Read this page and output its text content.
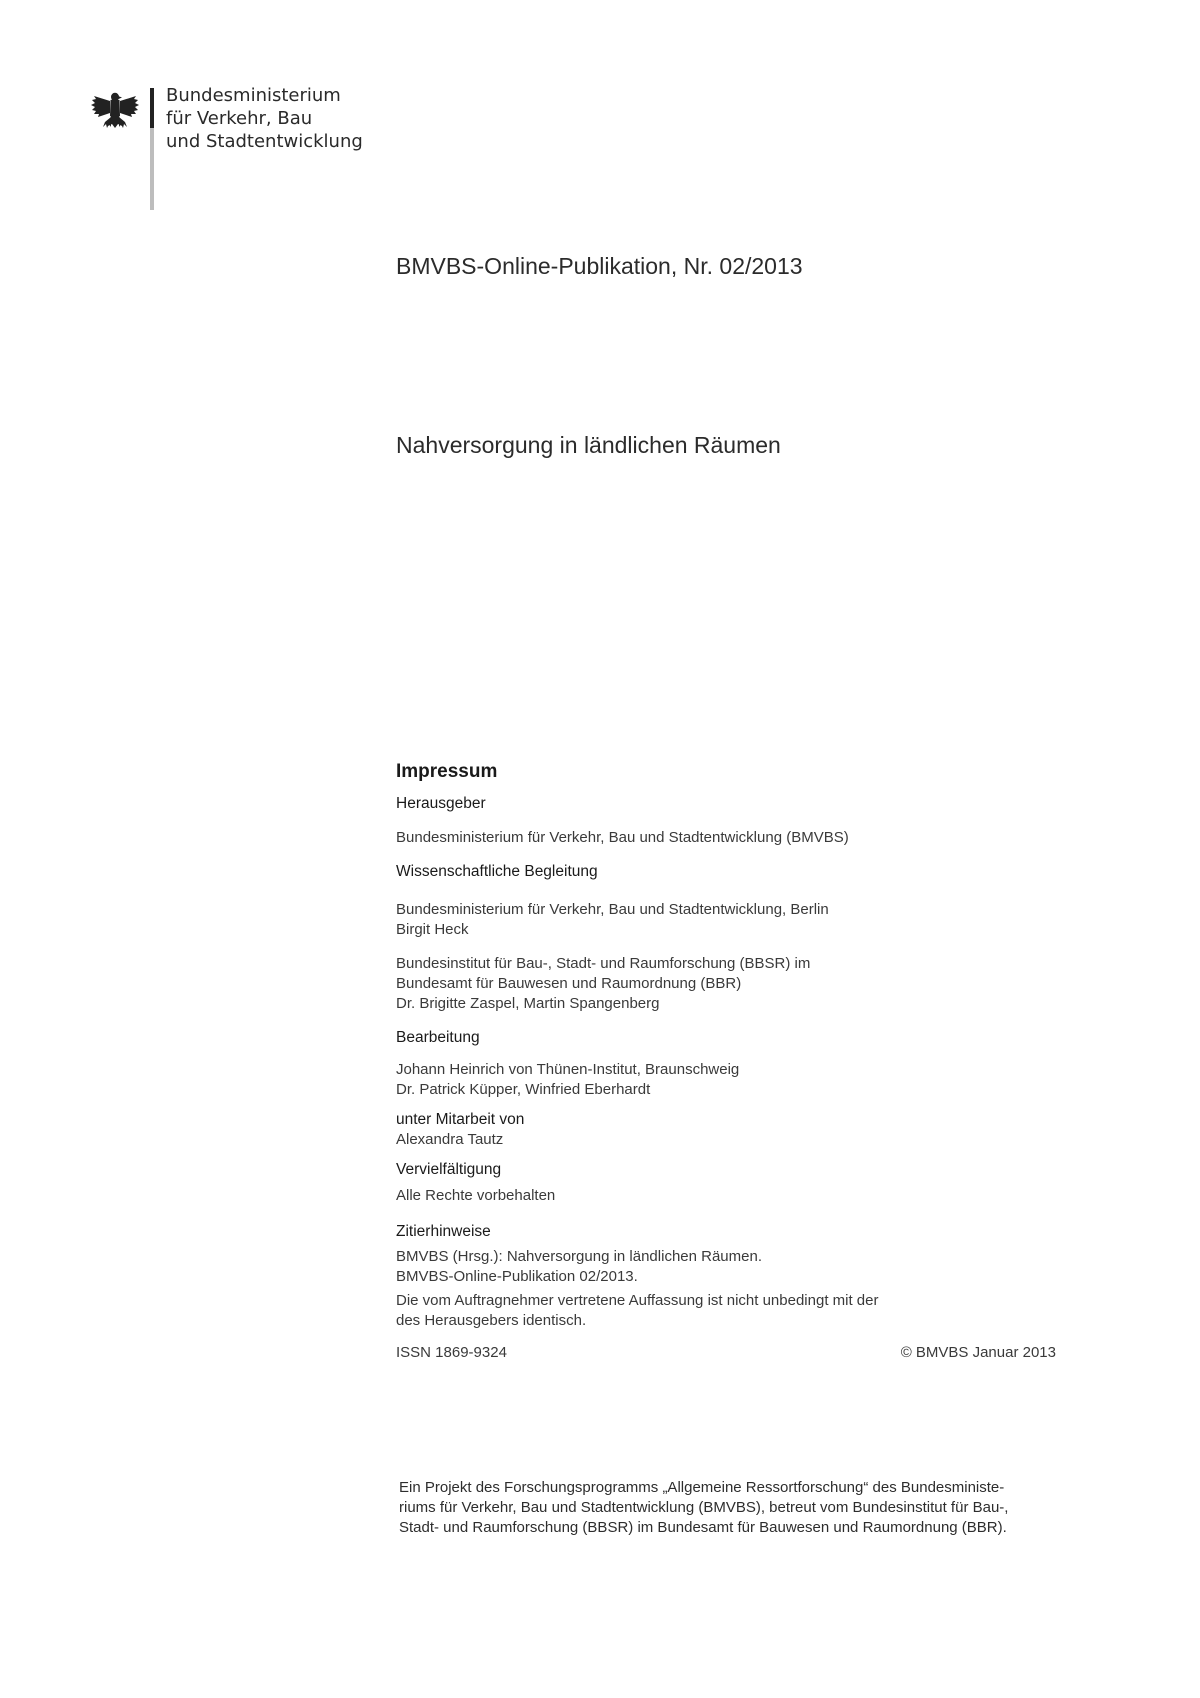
Bundesministerium
für Verkehr, Bau
und Stadtentwicklung
BMVBS-Online-Publikation, Nr. 02/2013
Nahversorgung in ländlichen Räumen
Impressum
Herausgeber
Bundesministerium für Verkehr, Bau und Stadtentwicklung (BMVBS)
Wissenschaftliche Begleitung
Bundesministerium für Verkehr, Bau und Stadtentwicklung, Berlin
Birgit Heck
Bundesinstitut für Bau-, Stadt- und Raumforschung (BBSR) im
Bundesamt für Bauwesen und Raumordnung (BBR)
Dr. Brigitte Zaspel, Martin Spangenberg
Bearbeitung
Johann Heinrich von Thünen-Institut, Braunschweig
Dr. Patrick Küpper, Winfried Eberhardt
unter Mitarbeit von
Alexandra Tautz
Vervielfältigung
Alle Rechte vorbehalten
Zitierhinweise
BMVBS (Hrsg.): Nahversorgung in ländlichen Räumen.
BMVBS-Online-Publikation 02/2013.
Die vom Auftragnehmer vertretene Auffassung ist nicht unbedingt mit der
des Herausgebers identisch.
ISSN 1869-9324	© BMVBS Januar 2013
Ein Projekt des Forschungsprogramms „Allgemeine Ressortforschung“ des Bundesministe-
riums für Verkehr, Bau und Stadtentwicklung (BMVBS), betreut vom Bundesinstitut für Bau-,
Stadt- und Raumforschung (BBSR) im Bundesamt für Bauwesen und Raumordnung (BBR).
